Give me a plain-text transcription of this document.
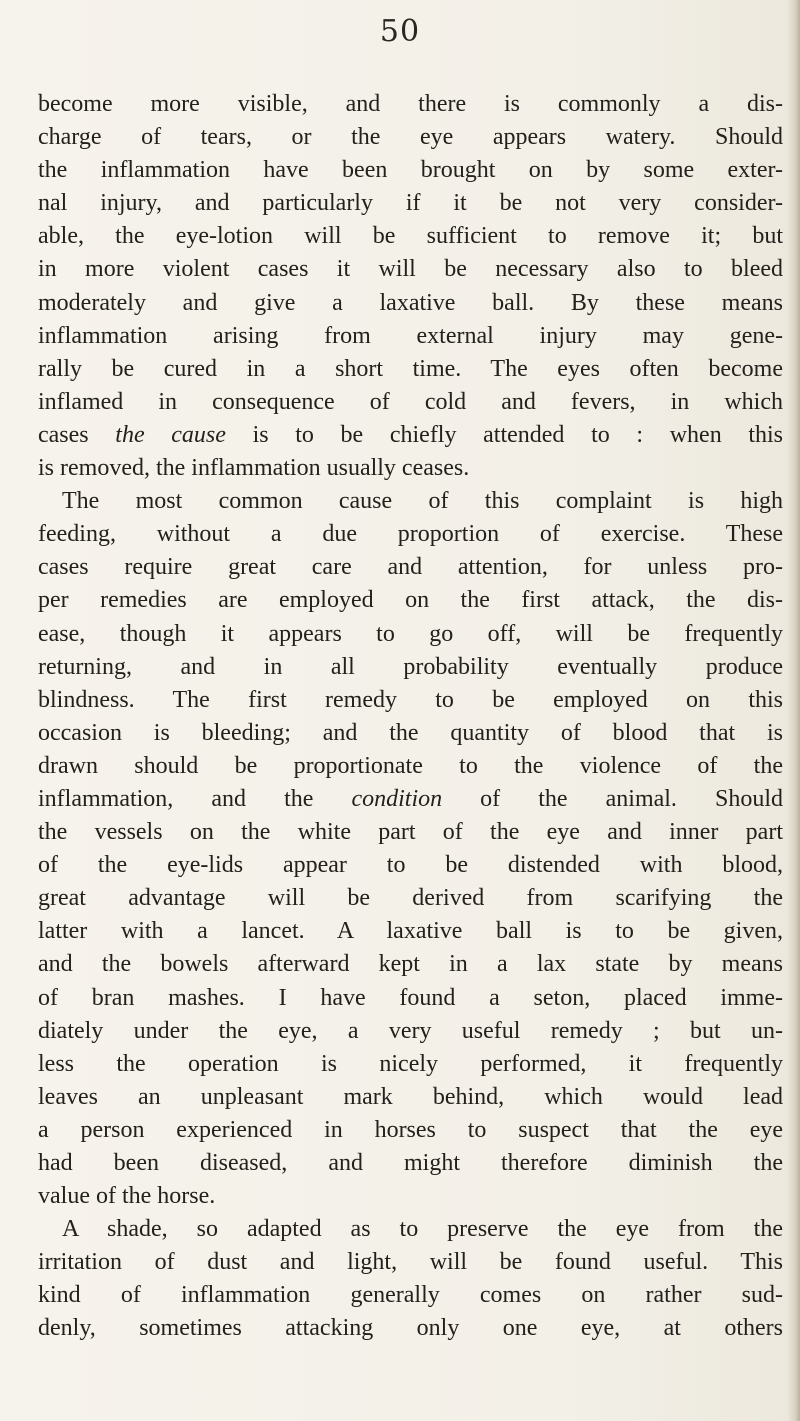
50
become more visible, and there is commonly a dis-
charge of tears, or the eye appears watery. Should
the inflammation have been brought on by some exter-
nal injury, and particularly if it be not very consider-
able, the eye-lotion will be sufficient to remove it; but
in more violent cases it will be necessary also to bleed
moderately and give a laxative ball. By these means
inflammation arising from external injury may gene-
rally be cured in a short time. The eyes often become
inflamed in consequence of cold and fevers, in which
cases the cause is to be chiefly attended to : when this
is removed, the inflammation usually ceases.
The most common cause of this complaint is high
feeding, without a due proportion of exercise. These
cases require great care and attention, for unless pro-
per remedies are employed on the first attack, the dis-
ease, though it appears to go off, will be frequently
returning, and in all probability eventually produce
blindness. The first remedy to be employed on this
occasion is bleeding; and the quantity of blood that is
drawn should be proportionate to the violence of the
inflammation, and the condition of the animal. Should
the vessels on the white part of the eye and inner part
of the eye-lids appear to be distended with blood,
great advantage will be derived from scarifying the
latter with a lancet. A laxative ball is to be given,
and the bowels afterward kept in a lax state by means
of bran mashes. I have found a seton, placed imme-
diately under the eye, a very useful remedy ; but un-
less the operation is nicely performed, it frequently
leaves an unpleasant mark behind, which would lead
a person experienced in horses to suspect that the eye
had been diseased, and might therefore diminish the
value of the horse.
A shade, so adapted as to preserve the eye from the
irritation of dust and light, will be found useful. This
kind of inflammation generally comes on rather sud-
denly, sometimes attacking only one eye, at others
